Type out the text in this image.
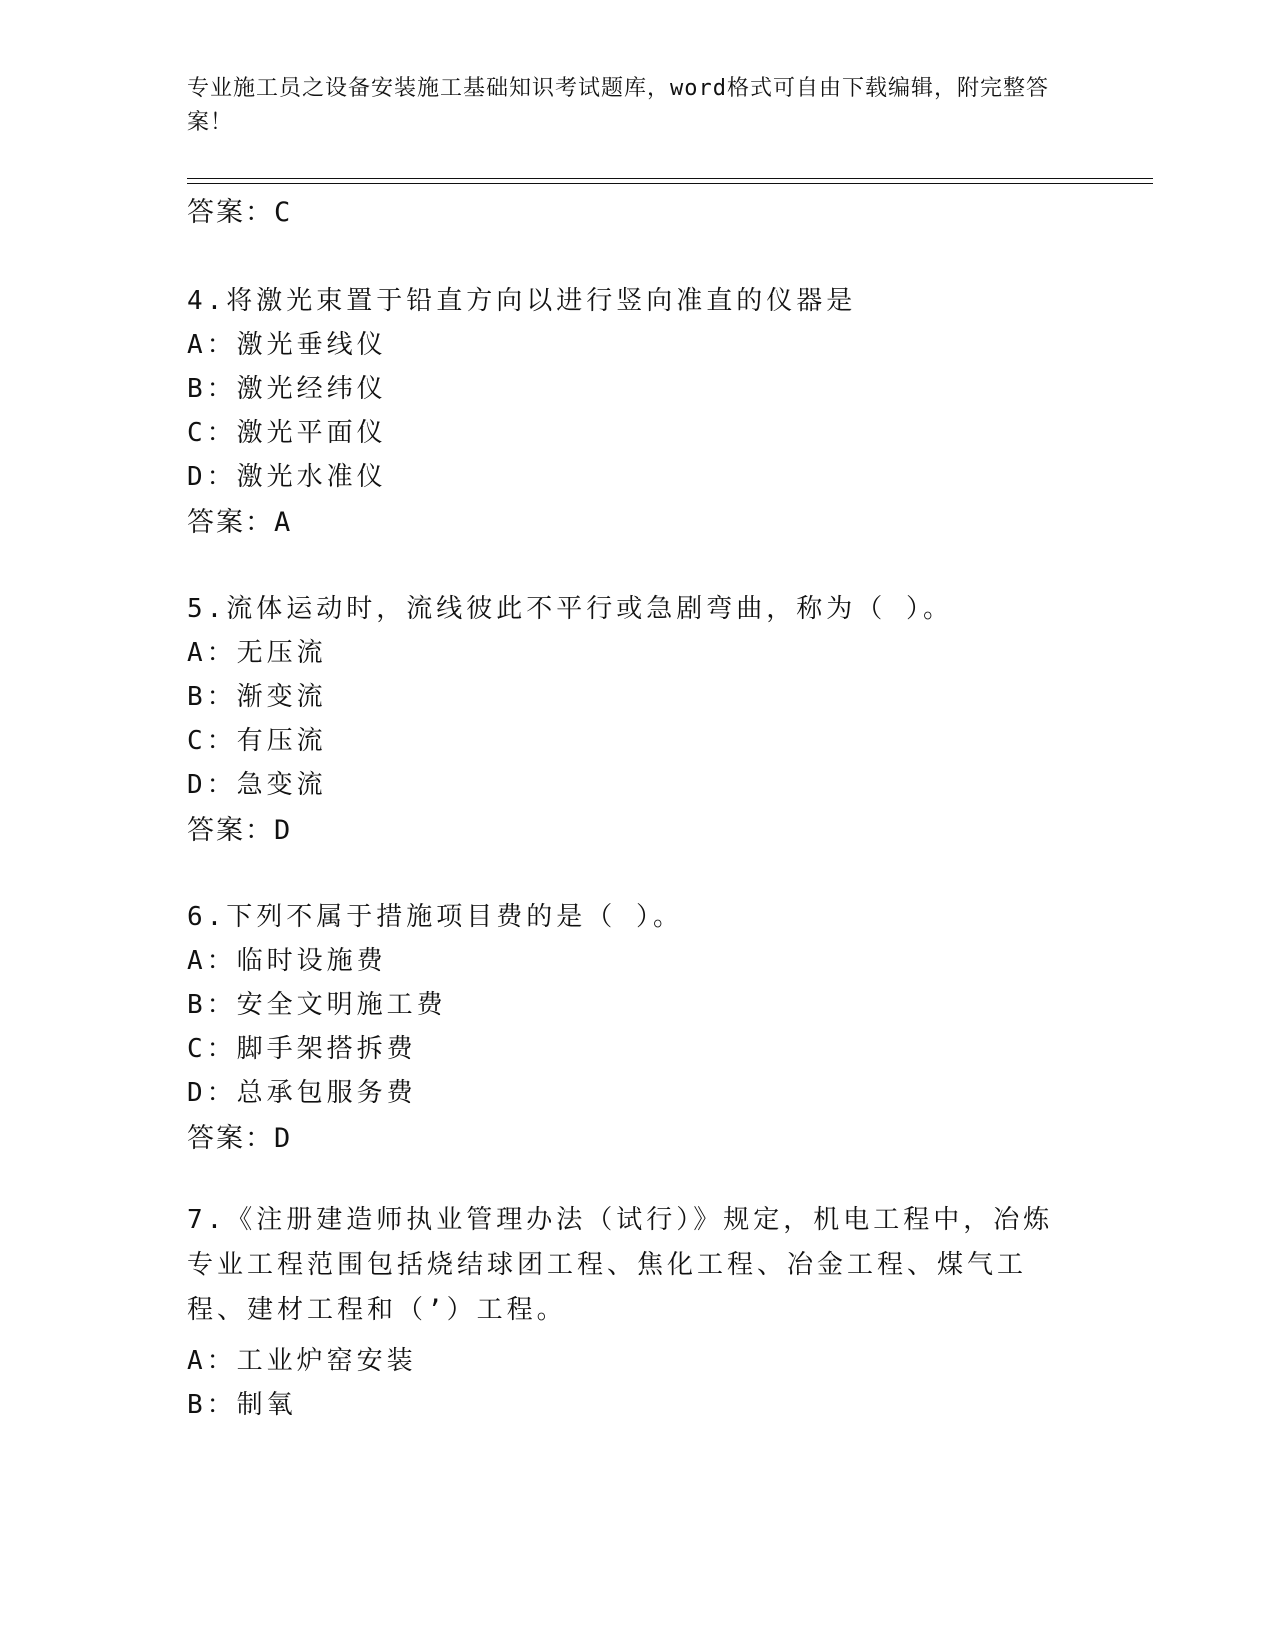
专业施工员之设备安装施工基础知识考试题库，word格式可自由下载编辑，附完整答案！
答案：C
4.将激光束置于铅直方向以进行竖向准直的仪器是
A：激光垂线仪
B：激光经纬仪
C：激光平面仪
D：激光水准仪
答案：A
5.流体运动时，流线彼此不平行或急剧弯曲，称为（ ）。
A：无压流
B：渐变流
C：有压流
D：急变流
答案：D
6.下列不属于措施项目费的是（ ）。
A：临时设施费
B：安全文明施工费
C：脚手架搭拆费
D：总承包服务费
答案：D
7.《注册建造师执业管理办法（试行）》规定，机电工程中，冶炼专业工程范围包括烧结球团工程、焦化工程、冶金工程、煤气工程、建材工程和（’）工程。
A：工业炉窑安装
B：制氧
